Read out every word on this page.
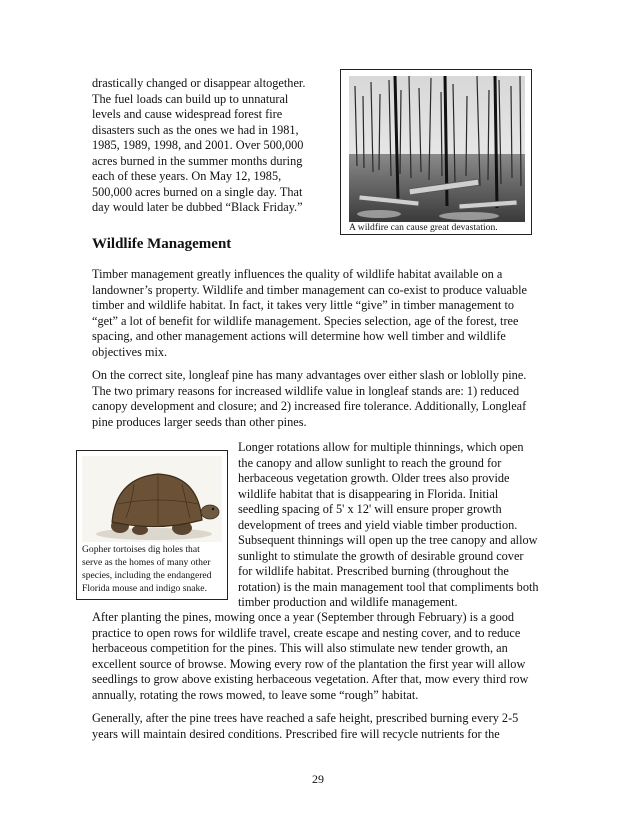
drastically changed or disappear altogether.

The fuel loads can build up to unnatural

levels and cause widespread forest fire

disasters such as the ones we had in 1981,

1985, 1989, 1998, and 2001. Over 500,000

acres burned in the summer months during

each of these years. On May 12, 1985,

500,000 acres burned on a single day. That

day would later be dubbed “Black Friday.”

A wildfire can cause great devastation.
Wildlife Management

Timber management greatly influences the quality of wildlife habitat available on a

landowner’s property. Wildlife and timber management can co-exist to produce valuable

timber and wildlife habitat. In fact, it takes very little “give” in timber management to

“get” a lot of benefit for wildlife management. Species selection, age of the forest, tree

spacing, and other management actions will determine how well timber and wildlife

objectives mix.

On the correct site, longleaf pine has many advantages over either slash or loblolly pine.

The two primary reasons for increased wildlife value in longleaf stands are: 1) reduced

canopy development and closure; and 2) increased fire tolerance. Additionally, Longleaf

pine produces larger seeds than other pines.

Gopher tortoises dig holes that
serve as the homes of many other
species, including the endangered
Florida mouse and indigo snake.

Longer rotations allow for multiple thinnings, which open

the canopy and allow sunlight to reach the ground for

herbaceous vegetation growth. Older trees also provide

wildlife habitat that is disappearing in Florida. Initial

seedling spacing of 5' x 12' will ensure proper growth

development of trees and yield viable timber production.

Subsequent thinnings will open up the tree canopy and allow

sunlight to stimulate the growth of desirable ground cover

for wildlife habitat. Prescribed burning (throughout the

rotation) is the main management tool that compliments both

timber production and wildlife management.

After planting the pines, mowing once a year (September through February) is a good

practice to open rows for wildlife travel, create escape and nesting cover, and to reduce

herbaceous competition for the pines. This will also stimulate new tender growth, an

excellent source of browse. Mowing every row of the plantation the first year will allow

seedlings to grow above existing herbaceous vegetation. After that, mow every third row

annually, rotating the rows mowed, to leave some “rough” habitat.

Generally, after the pine trees have reached a safe height, prescribed burning every 2-5

years will maintain desired conditions. Prescribed fire will recycle nutrients for the

29
